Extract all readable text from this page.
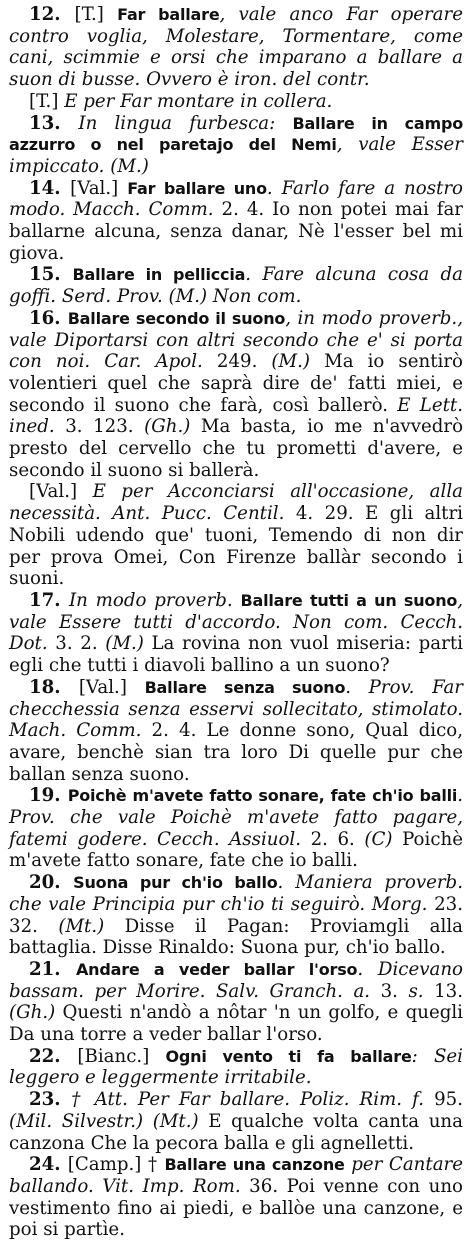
12. [T.] Far ballare, vale anco Far operare contro voglia, Molestare, Tormentare, come cani, scimmie e orsi che imparano a ballare a suon di busse. Ovvero è iron. del contr.

[T.] E per Far montare in collera.

13. In lingua furbesca: Ballare in campo azzurro o nel paretajo del Nemi, vale Esser impiccato. (M.)

14. [Val.] Far ballare uno. Farlo fare a nostro modo. Macch. Comm. 2. 4. Io non potei mai far ballarne alcuna, senza danar, Nè l'esser bel mi giova.

15. Ballare in pelliccia. Fare alcuna cosa da goffi. Serd. Prov. (M.) Non com.

16. Ballare secondo il suono, in modo proverb., vale Diportarsi con altri secondo che e' si porta con noi. Car. Apol. 249. (M.) Ma io sentirò volentieri quel che saprà dire de' fatti miei, e secondo il suono che farà, così ballerò. E Lett. ined. 3. 123. (Gh.) Ma basta, io me n'avvedrò presto del cervello che tu prometti d'avere, e secondo il suono si ballerà.

[Val.] E per Acconciarsi all'occasione, alla necessità. Ant. Pucc. Centil. 4. 29. E gli altri Nobili udendo que' tuoni, Temendo di non dir per prova Omei, Con Firenze ballàr secondo i suoni.

17. In modo proverb. Ballare tutti a un suono, vale Essere tutti d'accordo. Non com. Cecch. Dot. 3. 2. (M.) La rovina non vuol miseria: parti egli che tutti i diavoli ballino a un suono?

18. [Val.] Ballare senza suono. Prov. Far checchessia senza esservi sollecitato, stimolato. Mach. Comm. 2. 4. Le donne sono, Qual dico, avare, benchè sian tra loro Di quelle pur che ballan senza suono.

19. Poichè m'avete fatto sonare, fate ch'io balli. Prov. che vale Poichè m'avete fatto pagare, fatemi godere. Cecch. Assiuol. 2. 6. (C) Poichè m'avete fatto sonare, fate che io balli.

20. Suona pur ch'io ballo. Maniera proverb. che vale Principia pur ch'io ti seguirò. Morg. 23. 32. (Mt.) Disse il Pagan: Proviamgli alla battaglia. Disse Rinaldo: Suona pur, ch'io ballo.

21. Andare a veder ballar l'orso. Dicevano bassam. per Morire. Salv. Granch. a. 3. s. 13. (Gh.) Questi n'andò a nôtar 'n un golfo, e quegli Da una torre a veder ballar l'orso.

22. [Bianc.] Ogni vento ti fa ballare: Sei leggero e leggermente irritabile.

23. † Att. Per Far ballare. Poliz. Rim. f. 95. (Mil. Silvestr.) (Mt.) E qualche volta canta una canzona Che la pecora balla e gli agnelletti.

24. [Camp.] † Ballare una canzone per Cantare ballando. Vit. Imp. Rom. 36. Poi venne con uno vestimento fino ai piedi, e ballòe una canzone, e poi si partìe.
